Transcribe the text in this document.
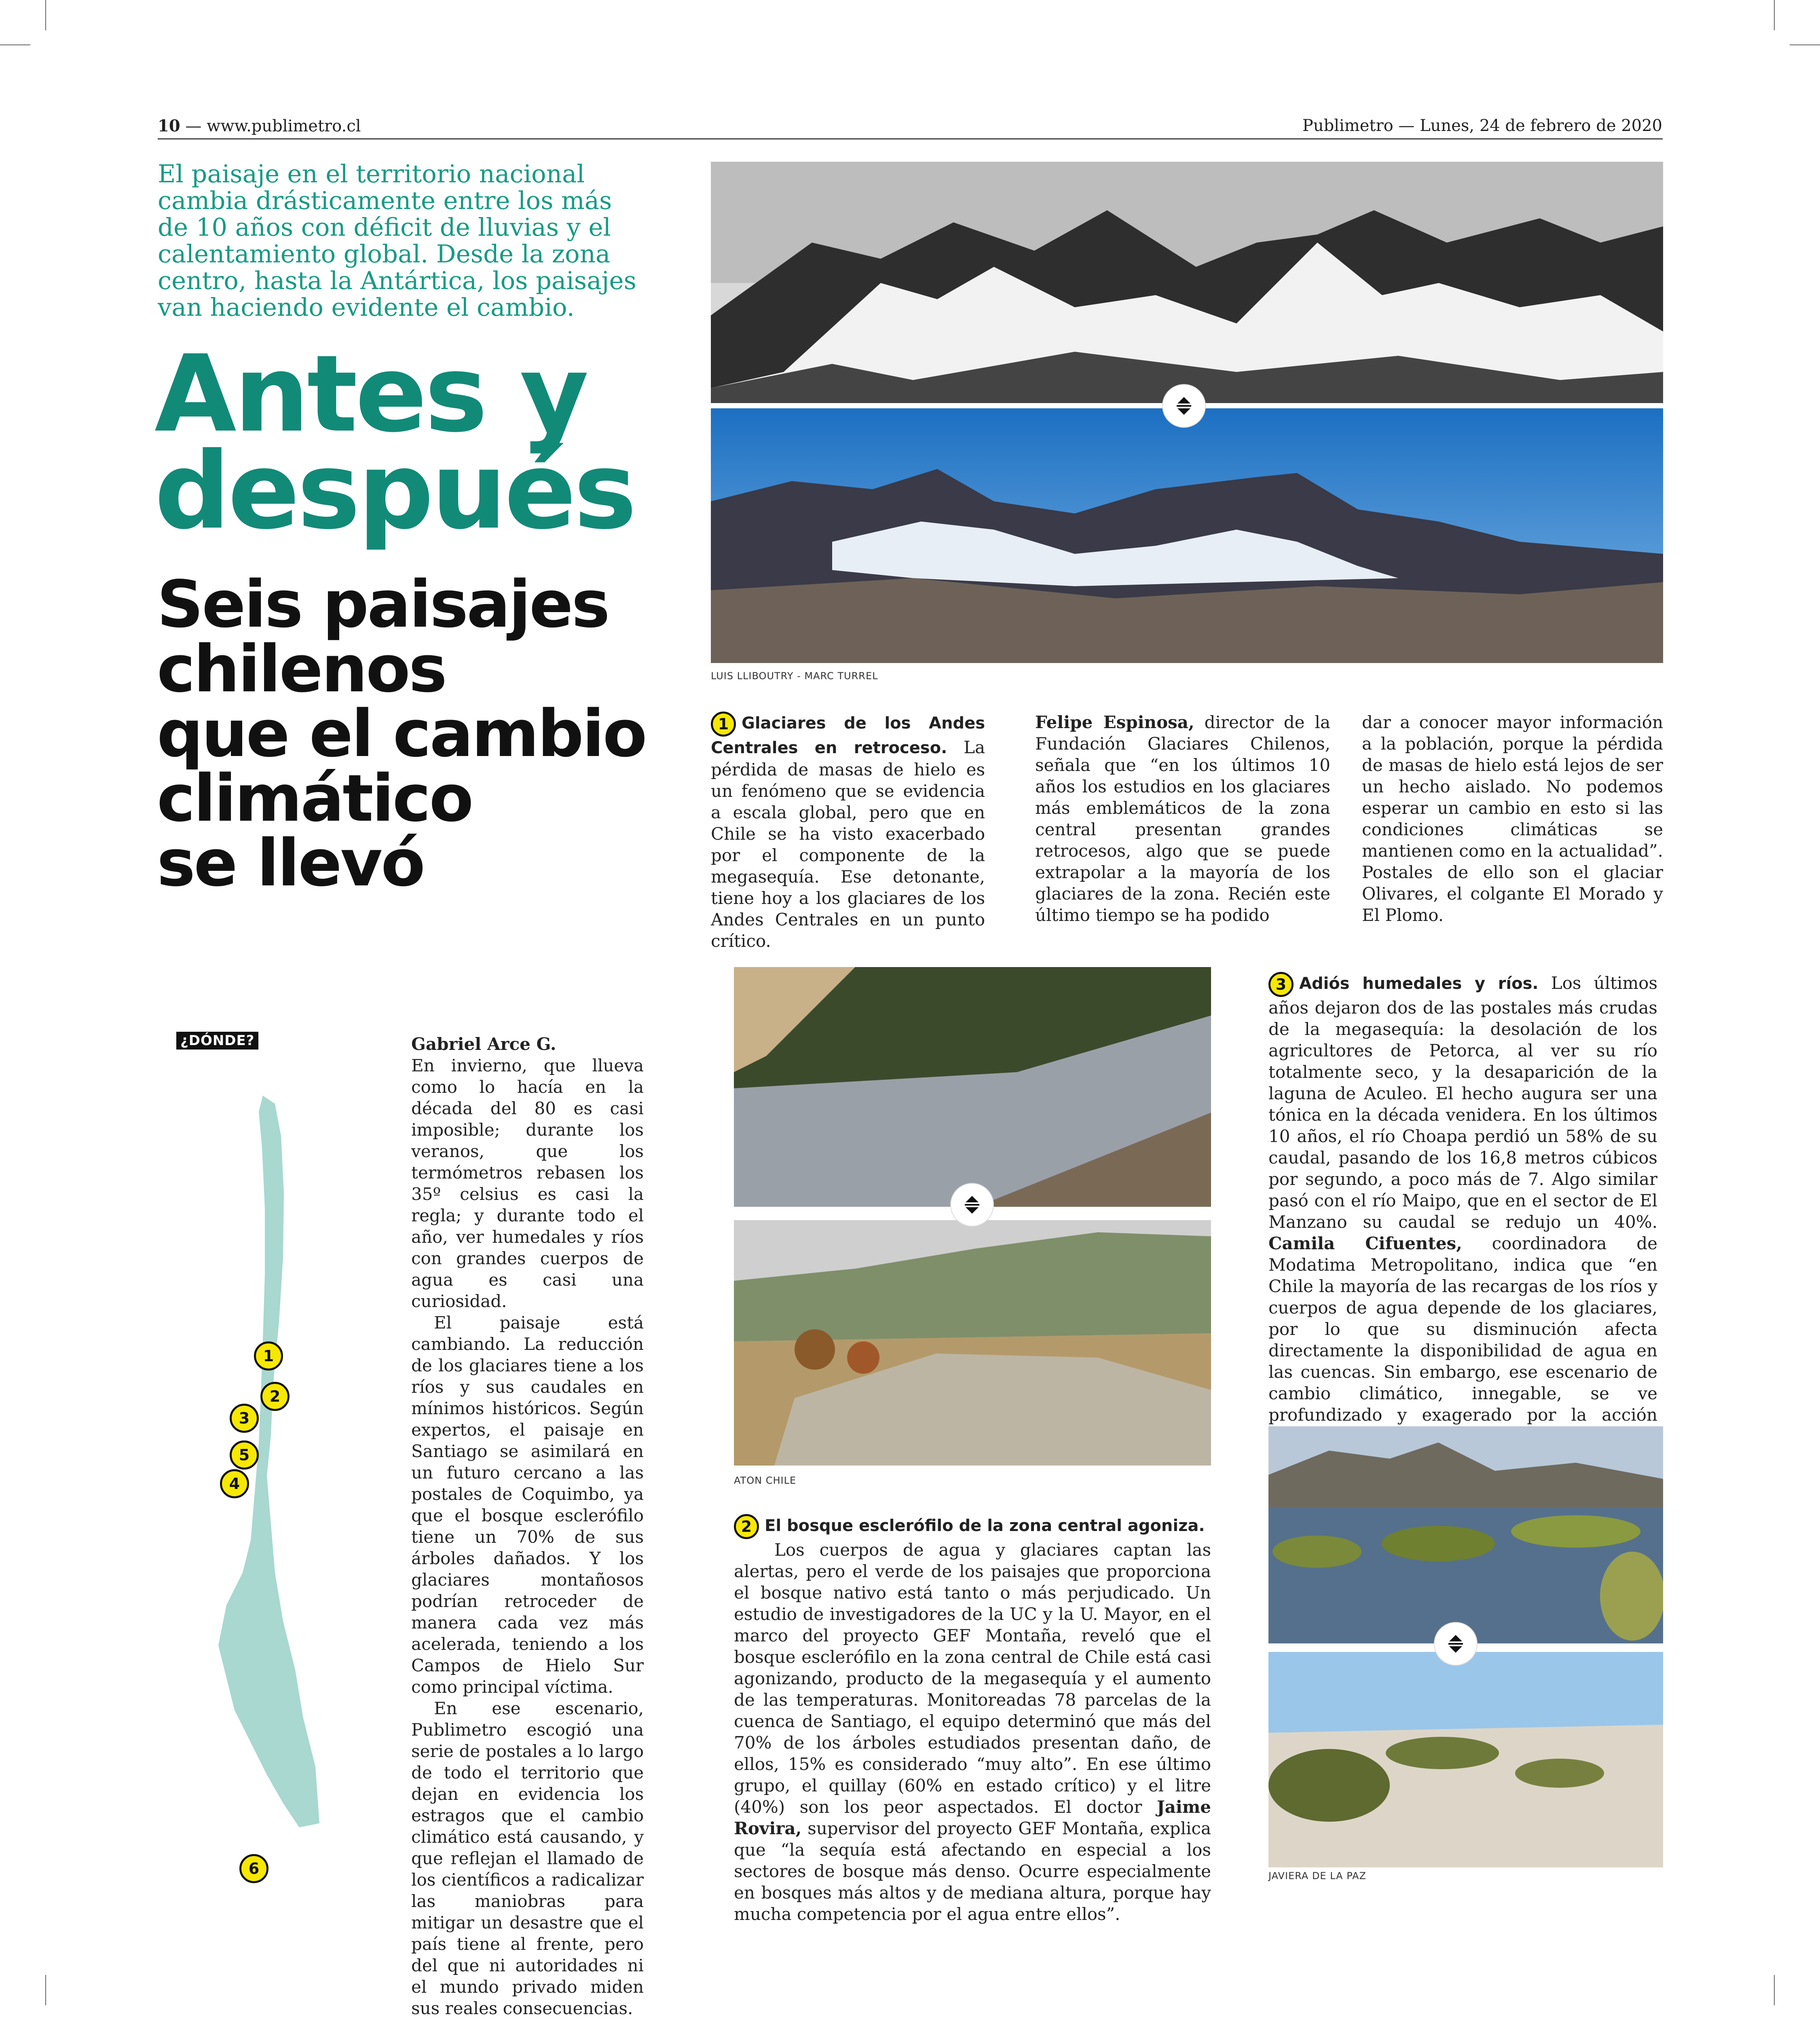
10 — www.publimetro.cl	Publimetro — Lunes, 24 de febrero de 2020
El paisaje en el territorio nacional cambia drásticamente entre los más de 10 años con déficit de lluvias y el calentamiento global. Desde la zona centro, hasta la Antártica, los paisajes van haciendo evidente el cambio.
Antes y
después
Seis paisajes
chilenos
que el cambio
climático
se llevó
LUIS LLIBOUTRY - MARC TURREL

1 Glaciares de los Andes Centrales en retroceso. La pérdida de masas de hielo es un fenómeno que se evidencia a escala global, pero que en Chile se ha visto exacerbado por el componente de la megasequía. Ese detonante, tiene hoy a los glaciares de los Andes Centrales en un punto crítico.

Felipe Espinosa, director de la Fundación Glaciares Chilenos, señala que “en los últimos 10 años los estudios en los glaciares más emblemáticos de la zona central presentan grandes retrocesos, algo que se puede extrapolar a la mayoría de los glaciares de la zona. Recién este último tiempo se ha podido

dar a conocer mayor información a la población, porque la pérdida de masas de hielo está lejos de ser un hecho aislado. No podemos esperar un cambio en esto si las condiciones climáticas se mantienen como en la actualidad”. Postales de ello son el glaciar Olivares, el colgante El Morado y El Plomo.

¿DÓNDE?
1
2
3
5
4
6

Gabriel Arce G.

En invierno, que llueva como lo hacía en la década del 80 es casi imposible; durante los veranos, que los termómetros rebasen los 35º celsius es casi la regla; y durante todo el año, ver humedales y ríos con grandes cuerpos de agua es casi una curiosidad.

El paisaje está cambiando. La reducción de los glaciares tiene a los ríos y sus caudales en mínimos históricos. Según expertos, el paisaje en Santiago se asimilará en un futuro cercano a las postales de Coquimbo, ya que el bosque esclerófilo tiene un 70% de sus árboles dañados. Y los glaciares montañosos podrían retroceder de manera cada vez más acelerada, teniendo a los Campos de Hielo Sur como principal víctima.

En ese escenario, Publimetro escogió una serie de postales a lo largo de todo el territorio que dejan en evidencia los estragos que el cambio climático está causando, y que reflejan el llamado de los científicos a radicalizar las maniobras para mitigar un desastre que el país tiene al frente, pero del que ni autoridades ni el mundo privado miden sus reales consecuencias.

ATON CHILE

2 El bosque esclerófilo de la zona central agoniza.

Los cuerpos de agua y glaciares captan las alertas, pero el verde de los paisajes que proporciona el bosque nativo está tanto o más perjudicado. Un estudio de investigadores de la UC y la U. Mayor, en el marco del proyecto GEF Montaña, reveló que el bosque esclerófilo en la zona central de Chile está casi agonizando, producto de la megasequía y el aumento de las temperaturas. Monitoreadas 78 parcelas de la cuenca de Santiago, el equipo determinó que más del 70% de los árboles estudiados presentan daño, de ellos, 15% es considerado “muy alto”. En ese último grupo, el quillay (60% en estado crítico) y el litre (40%) son los peor aspectados. El doctor Jaime Rovira, supervisor del proyecto GEF Montaña, explica que “la sequía está afectando en especial a los sectores de bosque más denso. Ocurre especialmente en bosques más altos y de mediana altura, porque hay mucha competencia por el agua entre ellos”.

3 Adiós humedales y ríos. Los últimos años dejaron dos de las postales más crudas de la megasequía: la desolación de los agricultores de Petorca, al ver su río totalmente seco, y la desaparición de la laguna de Aculeo. El hecho augura ser una tónica en la década venidera. En los últimos 10 años, el río Choapa perdió un 58% de su caudal, pasando de los 16,8 metros cúbicos por segundo, a poco más de 7. Algo similar pasó con el río Maipo, que en el sector de El Manzano su caudal se redujo un 40%. Camila Cifuentes, coordinadora de Modatima Metropolitano, indica que “en Chile la mayoría de las recargas de los ríos y cuerpos de agua depende de los glaciares, por lo que su disminución afecta directamente la disponibilidad de agua en las cuencas. Sin embargo, ese escenario de cambio climático, innegable, se ve profundizado y exagerado por la acción

JAVIERA DE LA PAZ
